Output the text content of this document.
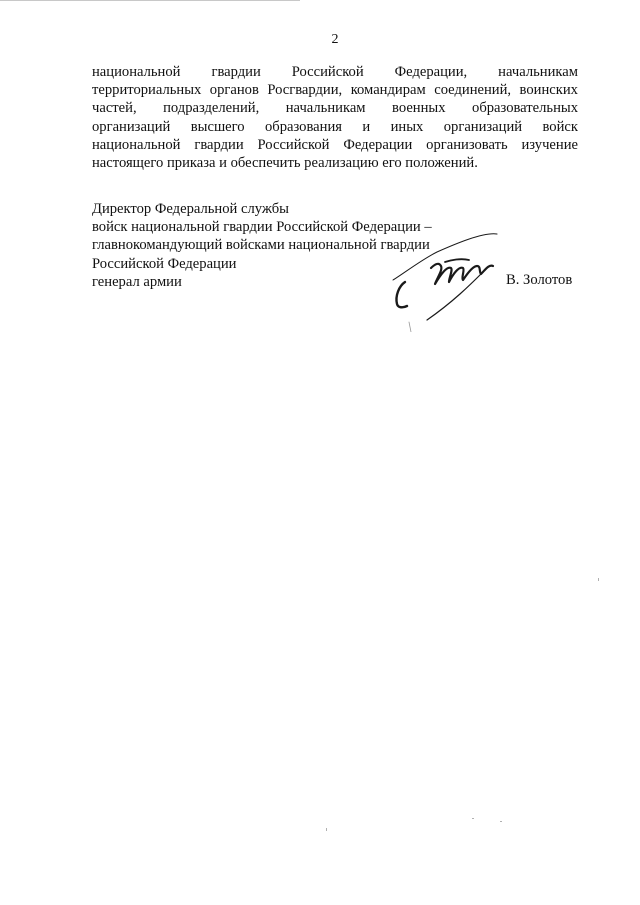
2
национальной гвардии Российской Федерации, начальникам
территориальных органов Росгвардии, командирам соединений, воинских
частей, подразделений, начальникам военных образовательных
организаций высшего образования и иных организаций войск
национальной гвардии Российской Федерации организовать изучение
настоящего приказа и обеспечить реализацию его положений.
Директор Федеральной службы
войск национальной гвардии Российской Федерации –
главнокомандующий войсками национальной гвардии
Российской Федерации
генерал армии	В. Золотов
